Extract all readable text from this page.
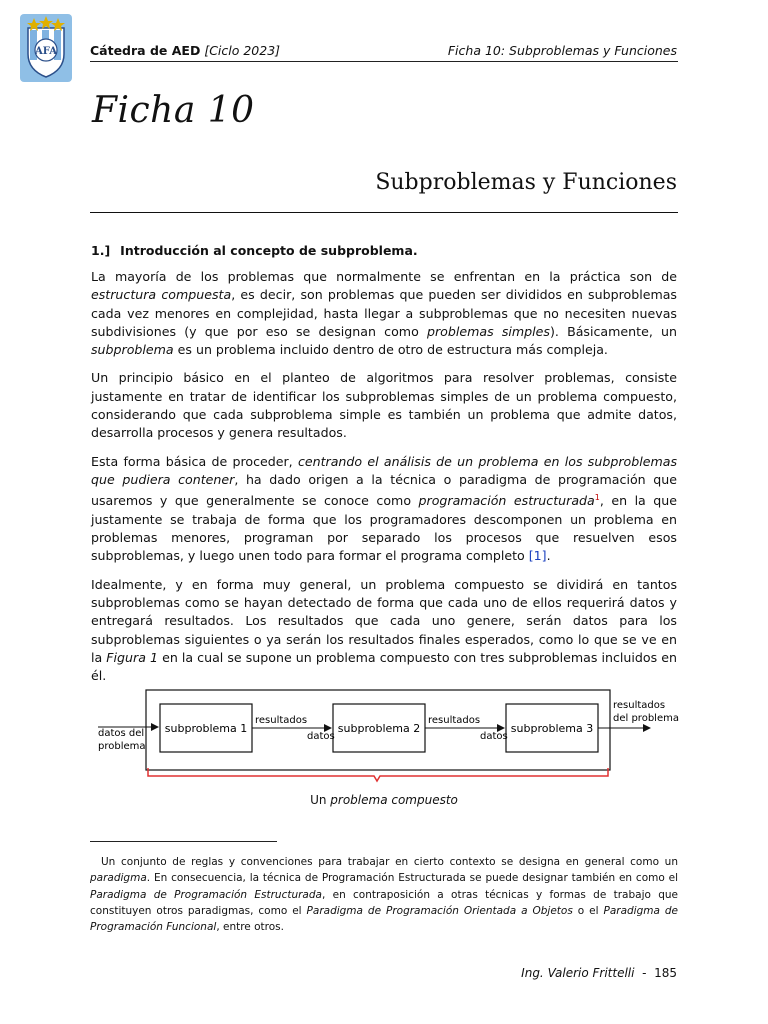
AFA	Cátedra de AED [Ciclo 2023]	Ficha 10: Subproblemas y Funciones
Ficha 10
Subproblemas y Funciones
1.] Introducción al concepto de subproblema.

La mayoría de los problemas que normalmente se enfrentan en la práctica son de estructura compuesta, es decir, son problemas que pueden ser divididos en subproblemas cada vez menores en complejidad, hasta llegar a subproblemas que no necesiten nuevas subdivisiones (y que por eso se designan como problemas simples). Básicamente, un subproblema es un problema incluido dentro de otro de estructura más compleja.

Un principio básico en el planteo de algoritmos para resolver problemas, consiste justamente en tratar de identificar los subproblemas simples de un problema compuesto, considerando que cada subproblema simple es también un problema que admite datos, desarrolla procesos y genera resultados.

Esta forma básica de proceder, centrando el análisis de un problema en los subproblemas que pudiera contener, ha dado origen a la técnica o paradigma de programación que usaremos y que generalmente se conoce como programación estructurada$^1$, en la que justamente se trabaja de forma que los programadores descomponen un problema en problemas menores, programan por separado los procesos que resuelven esos subproblemas, y luego unen todo para formar el programa completo [1].

Idealmente, y en forma muy general, un problema compuesto se dividirá en tantos subproblemas como se hayan detectado de forma que cada uno de ellos requerirá datos y entregará resultados. Los resultados que cada uno genere, serán datos para los subproblemas siguientes o ya serán los resultados finales esperados, como lo que se ve en la Figura 1 en la cual se supone un problema compuesto con tres subproblemas incluidos en él.

datos del
problema
subproblema 1	subproblema 2	subproblema 3
resultados
datos
resultados
datos
resultados
del problema
Un problema compuesto

Un conjunto de reglas y convenciones para trabajar en cierto contexto se designa en general como un paradigma. En consecuencia, la técnica de Programación Estructurada se puede designar también en como el Paradigma de Programación Estructurada, en contraposición a otras técnicas y formas de trabajo que constituyen otros paradigmas, como el Paradigma de Programación Orientada a Objetos o el Paradigma de Programación Funcional, entre otros.

Ing. Valerio Frittelli - 185
